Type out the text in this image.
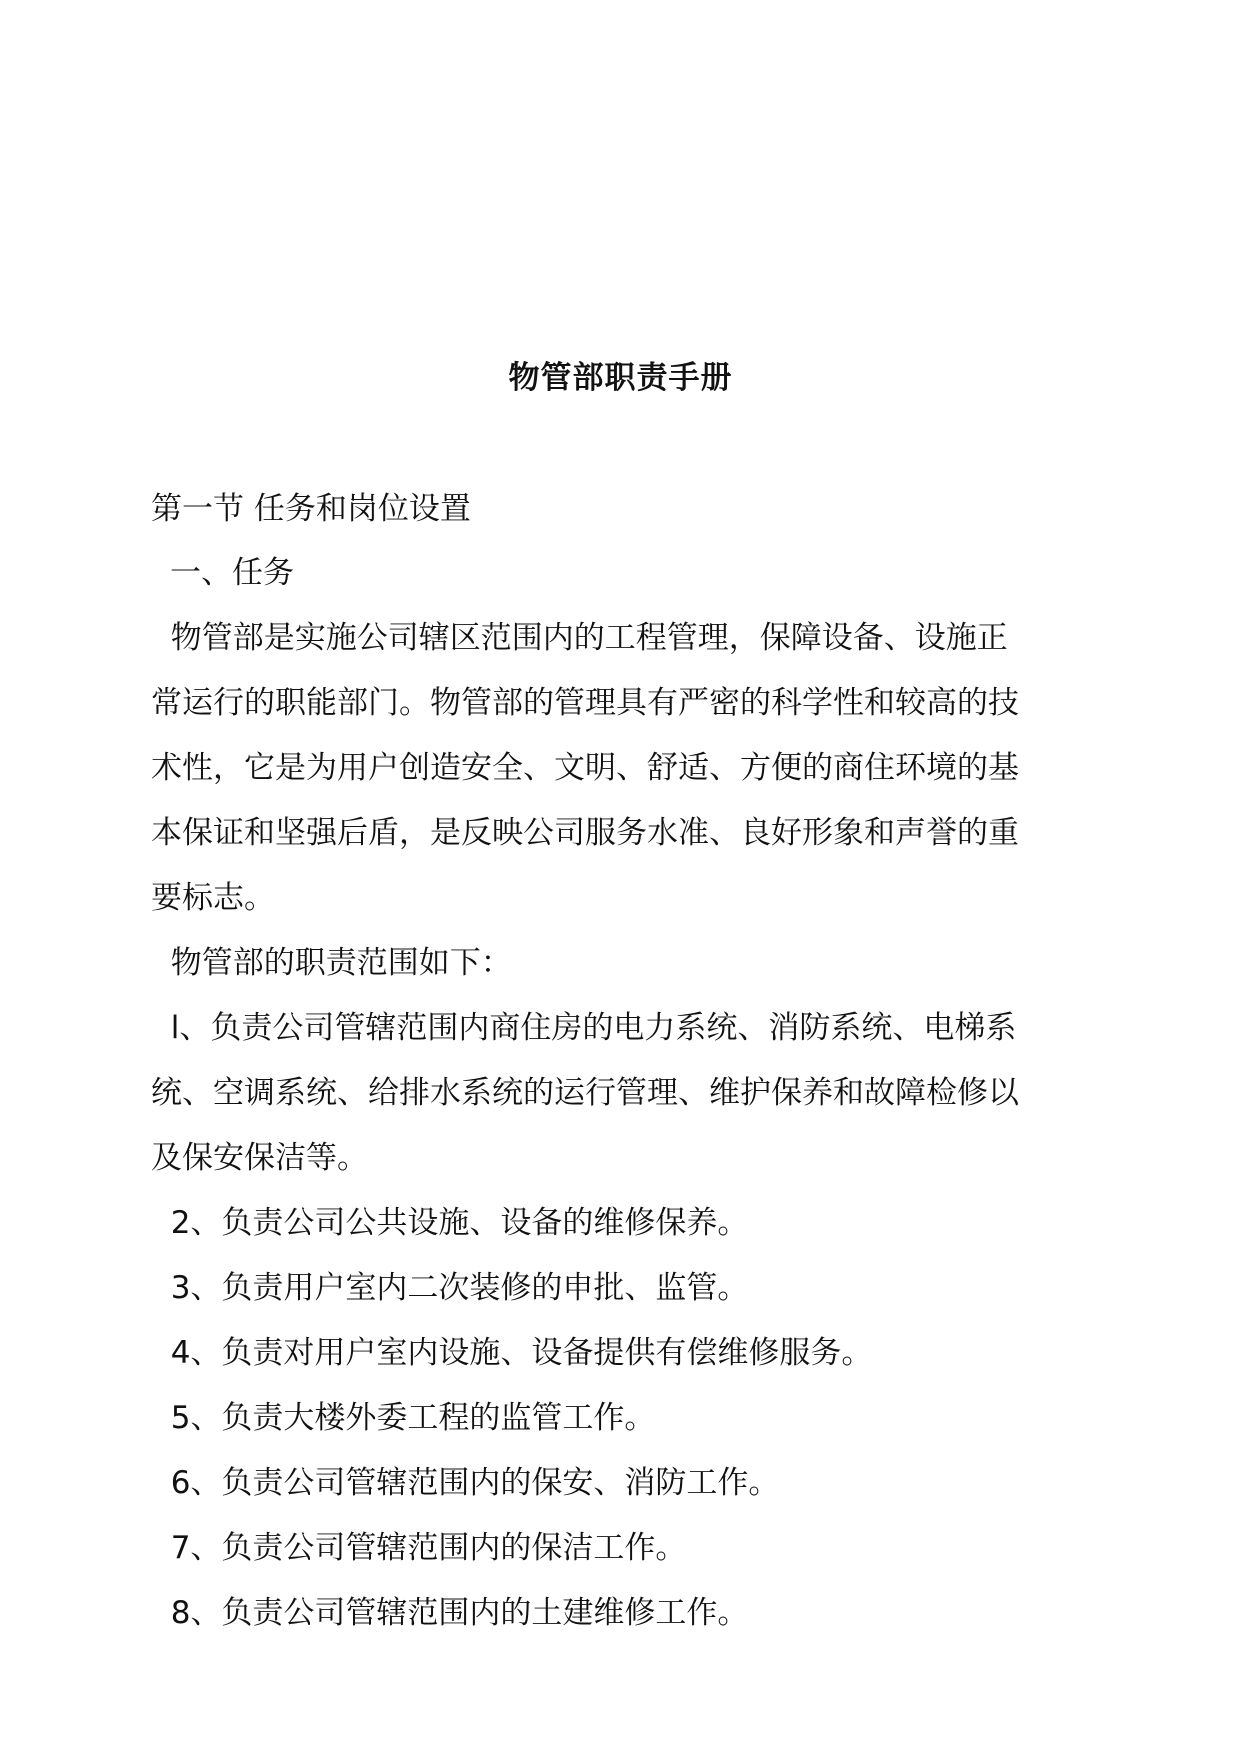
物管部职责手册
第一节 任务和岗位设置
一、任务
物管部是实施公司辖区范围内的工程管理，保障设备、设施正
常运行的职能部门。物管部的管理具有严密的科学性和较高的技
术性，它是为用户创造安全、文明、舒适、方便的商住环境的基
本保证和坚强后盾，是反映公司服务水准、良好形象和声誉的重
要标志。
物管部的职责范围如下：
l、负责公司管辖范围内商住房的电力系统、消防系统、电梯系
统、空调系统、给排水系统的运行管理、维护保养和故障检修以
及保安保洁等。
2、负责公司公共设施、设备的维修保养。
3、负责用户室内二次装修的申批、监管。
4、负责对用户室内设施、设备提供有偿维修服务。
5、负责大楼外委工程的监管工作。
6、负责公司管辖范围内的保安、消防工作。
7、负责公司管辖范围内的保洁工作。
8、负责公司管辖范围内的土建维修工作。
